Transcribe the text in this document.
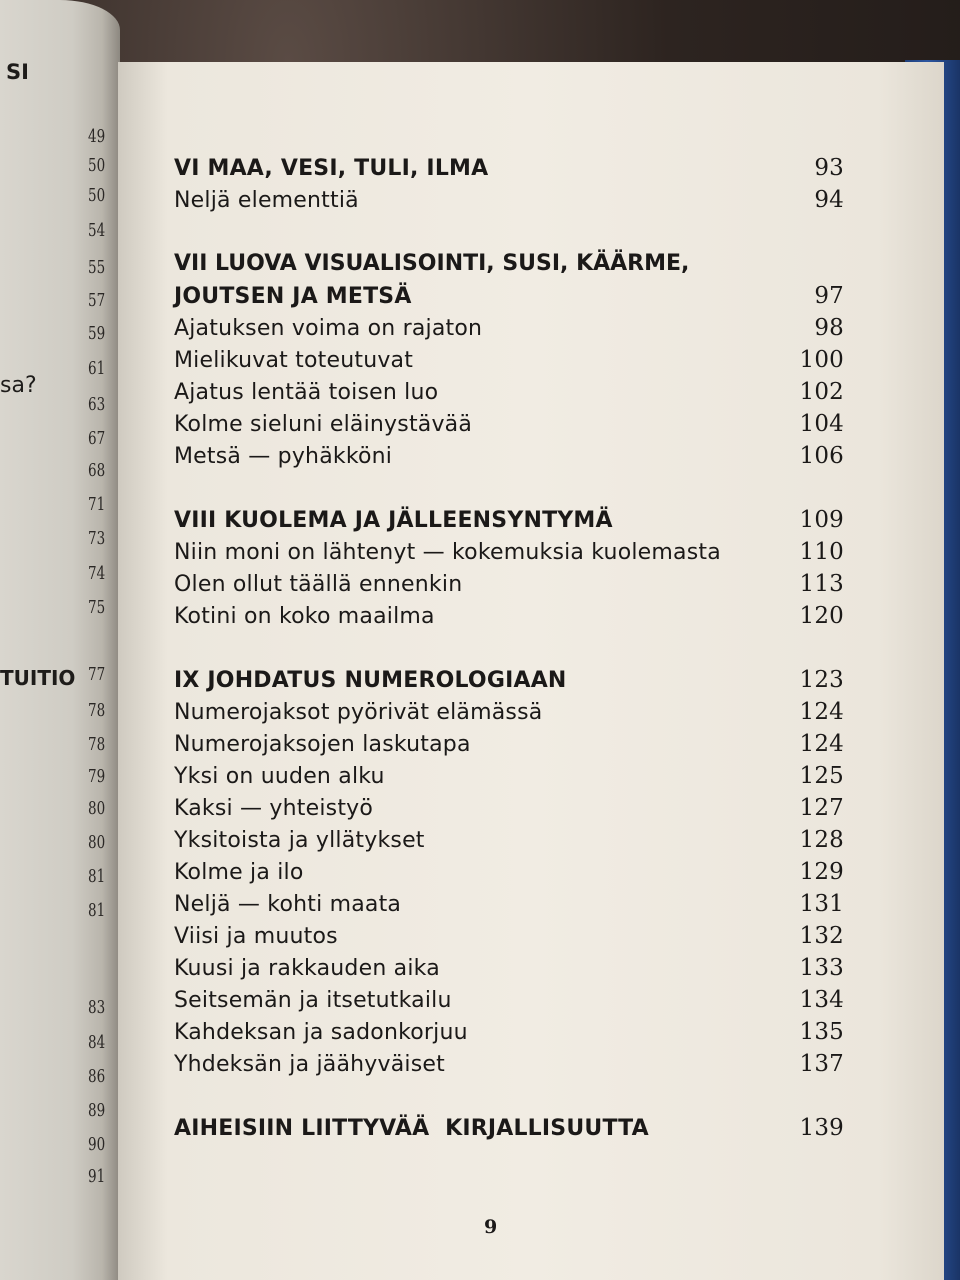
SI
sa?
TUITIO
49
50
50
54
55
57
59
61
63
67
68
71
73
74
75
77
78
78
79
80
80
81
81
83
84
86
89
90
91
VI MAA, VESI, TULI, ILMA	93
Neljä elementtiä	94
VII LUOVA VISUALISOINTI, SUSI, KÄÄRME,
JOUTSEN JA METSÄ	97
Ajatuksen voima on rajaton	98
Mielikuvat toteutuvat	100
Ajatus lentää toisen luo	102
Kolme sieluni eläinystävää	104
Metsä — pyhäkköni	106
VIII KUOLEMA JA JÄLLEENSYNTYMÄ	109
Niin moni on lähtenyt — kokemuksia kuolemasta	110
Olen ollut täällä ennenkin	113
Kotini on koko maailma	120
IX JOHDATUS NUMEROLOGIAAN	123
Numerojaksot pyörivät elämässä	124
Numerojaksojen laskutapa	124
Yksi on uuden alku	125
Kaksi — yhteistyö	127
Yksitoista ja yllätykset	128
Kolme ja ilo	129
Neljä — kohti maata	131
Viisi ja muutos	132
Kuusi ja rakkauden aika	133
Seitsemän ja itsetutkailu	134
Kahdeksan ja sadonkorjuu	135
Yhdeksän ja jäähyväiset	137
AIHEISIIN LIITTYVÄÄ  KIRJALLISUUTTA	139
9
